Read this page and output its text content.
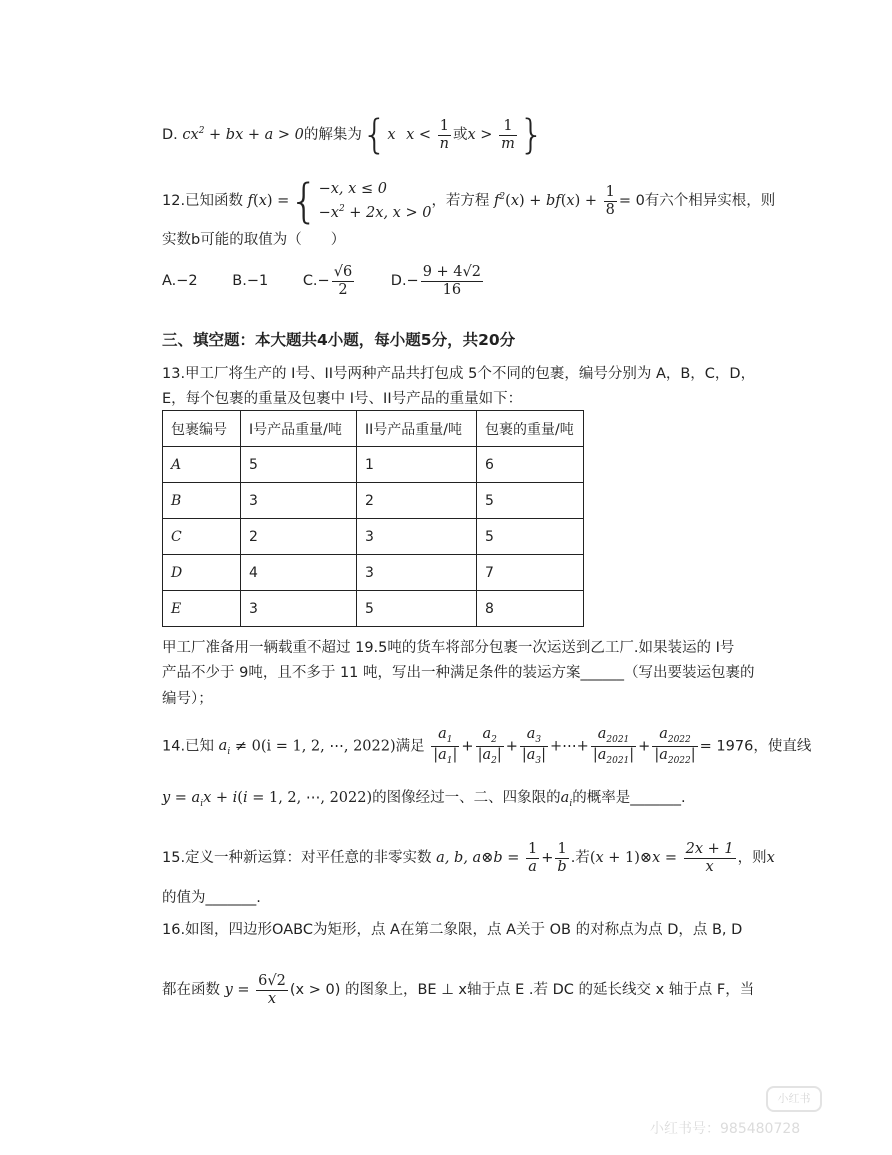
D. $cx^2$ + bx + a > 0的解集为{x $x < \frac{1}{n}$ 或$x > \frac{1}{m}$ }
12.已知函数 f(x) ={ −x, x ≤ 0
$-x^2 + 2x$, x > 0
，若方程 $f^2(x) + bf(x) + \frac{1}{8} = 0$有六个相异实根，则
实数b可能的取值为（　　）
A.−2 B.−1 $C.- \frac{√6}{2}$	$D.- \frac{9 + 4√2}{16}$
三、填空题：本大题共4小题，每小题5分，共20分
13.甲工厂将生产的 I号、II号两种产品共打包成 5个不同的包裹，编号分别为 A，B，C，D，
E，每个包裹的重量及包裹中 I号、II号产品的重量如下：
包裹编号	I号产品重量/吨	II号产品重量/吨	包裹的重量/吨
A	5	1	6
B	3	2	5
C	2	3	5
D	4	3	7
E	3	5	8
甲工厂准备用一辆载重不超过 19.5吨的货车将部分包裹一次运送到乙工厂.如果装运的 I号
产品不少于 9吨，且不多于 11 吨，写出一种满足条件的装运方案______（写出要装运包裹的
编号）；
14.已知 $a_i \ne 0(i = 1$, 2, ⋯, 2022)满足 $\frac{a_1}{|a_1|} + \frac{a_2}{|a_2|} + \frac{a_3}{|a_3|}$ +⋯+ $\frac{a_{2021}}{|a_{2021}|} + \frac{a_{2022}}{|a_{2022}|} = 1976$，使直线
$y = a_ix + i(i = 1$, 2, ⋯, 2022)的图像经过一、二、四象限的$a_i$的概率是_______.
15.定义一种新运算：对平任意的非零实数 a, b, a⊗b = $\frac{1}{a} + \frac{1}{b}$ .若(x + 1)⊗x = $\frac{2x + 1}{x}$ ，则x
的值为_______.
16.如图，四边形OABC为矩形，点 A在第二象限，点 A关于 OB 的对称点为点 D，点 B, D
都在函数 $y = \frac{6√2}{x} (x > 0)$ 的图象上，BE ⊥ x轴于点 E .若 DC 的延长线交 x 轴于点 F，当
小红书
小红书号：985480728
